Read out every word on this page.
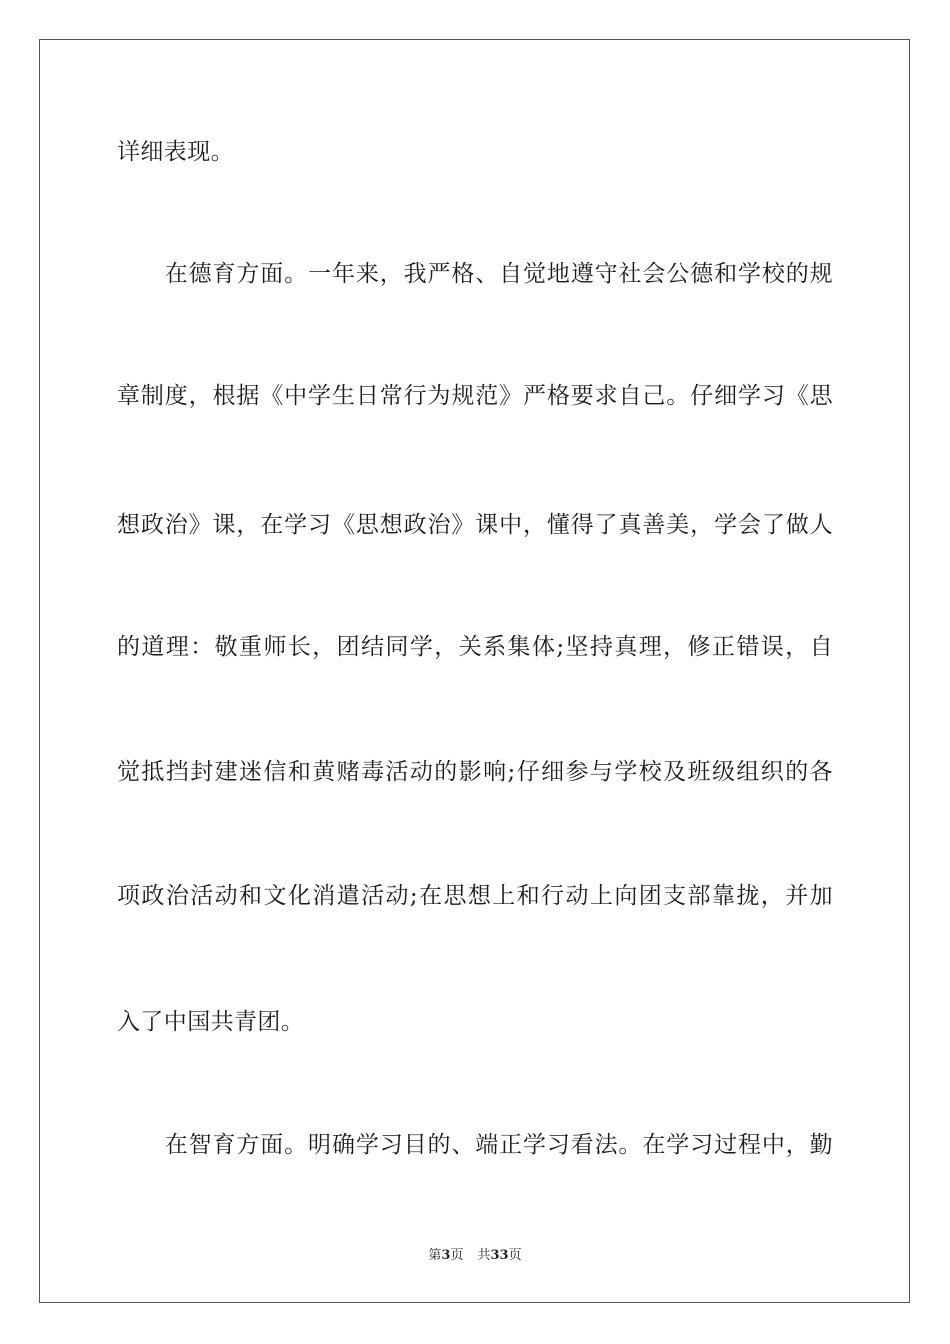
详细表现。
　　在德育方面。一年来，我严格、自觉地遵守社会公德和学校的规
章制度，根据《中学生日常行为规范》严格要求自己。仔细学习《思
想政治》课，在学习《思想政治》课中，懂得了真善美，学会了做人
的道理：敬重师长，团结同学，关系集体;坚持真理，修正错误，自
觉抵挡封建迷信和黄赌毒活动的影响;仔细参与学校及班级组织的各
项政治活动和文化消遣活动;在思想上和行动上向团支部靠拢，并加
入了中国共青团。
　　在智育方面。明确学习目的、端正学习看法。在学习过程中，勤
第3页 共33页
